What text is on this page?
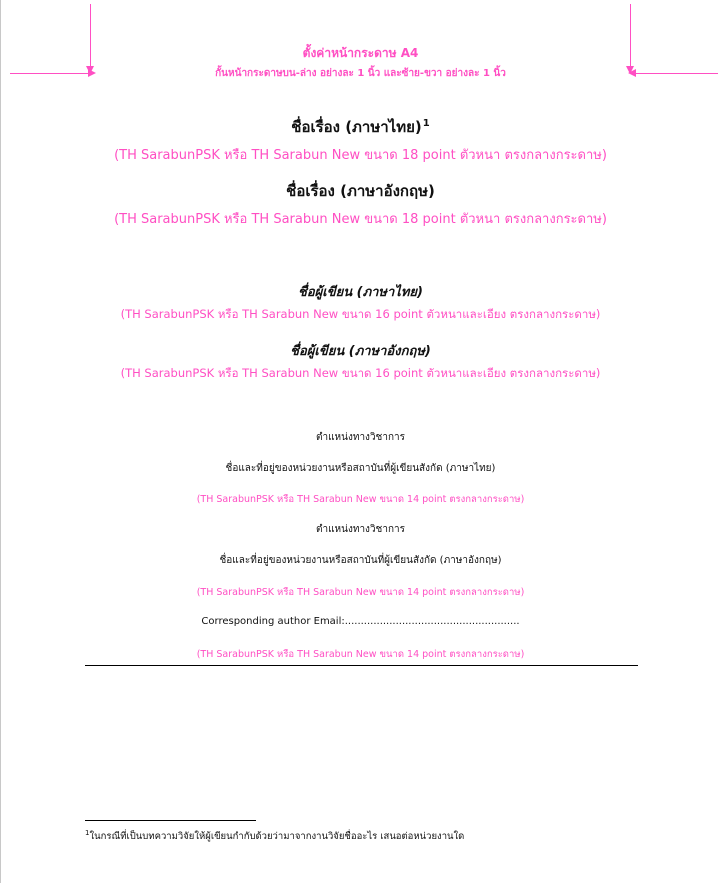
ตั้งค่าหน้ากระดาษ A4
กั้นหน้ากระดาษบน-ล่าง อย่างละ 1 นิ้ว และซ้าย-ขวา อย่างละ 1 นิ้ว
ชื่อเรื่อง (ภาษาไทย)$^1$
(TH SarabunPSK หรือ TH Sarabun New ขนาด 18 point ตัวหนา ตรงกลางกระดาษ)
ชื่อเรื่อง (ภาษาอังกฤษ)
(TH SarabunPSK หรือ TH Sarabun New ขนาด 18 point ตัวหนา ตรงกลางกระดาษ)
ชื่อผู้เขียน (ภาษาไทย)
(TH SarabunPSK หรือ TH Sarabun New ขนาด 16 point ตัวหนาและเอียง ตรงกลางกระดาษ)
ชื่อผู้เขียน (ภาษาอังกฤษ)
(TH SarabunPSK หรือ TH Sarabun New ขนาด 16 point ตัวหนาและเอียง ตรงกลางกระดาษ)
ตำแหน่งทางวิชาการ
ชื่อและที่อยู่ของหน่วยงานหรือสถาบันที่ผู้เขียนสังกัด (ภาษาไทย)
(TH SarabunPSK หรือ TH Sarabun New ขนาด 14 point ตรงกลางกระดาษ)
ตำแหน่งทางวิชาการ
ชื่อและที่อยู่ของหน่วยงานหรือสถาบันที่ผู้เขียนสังกัด (ภาษาอังกฤษ)
(TH SarabunPSK หรือ TH Sarabun New ขนาด 14 point ตรงกลางกระดาษ)
Corresponding author Email:.......................................................
(TH SarabunPSK หรือ TH Sarabun New ขนาด 14 point ตรงกลางกระดาษ)
$^1$ในกรณีที่เป็นบทความวิจัยให้ผู้เขียนกำกับด้วยว่ามาจากงานวิจัยชื่ออะไร เสนอต่อหน่วยงานใด
